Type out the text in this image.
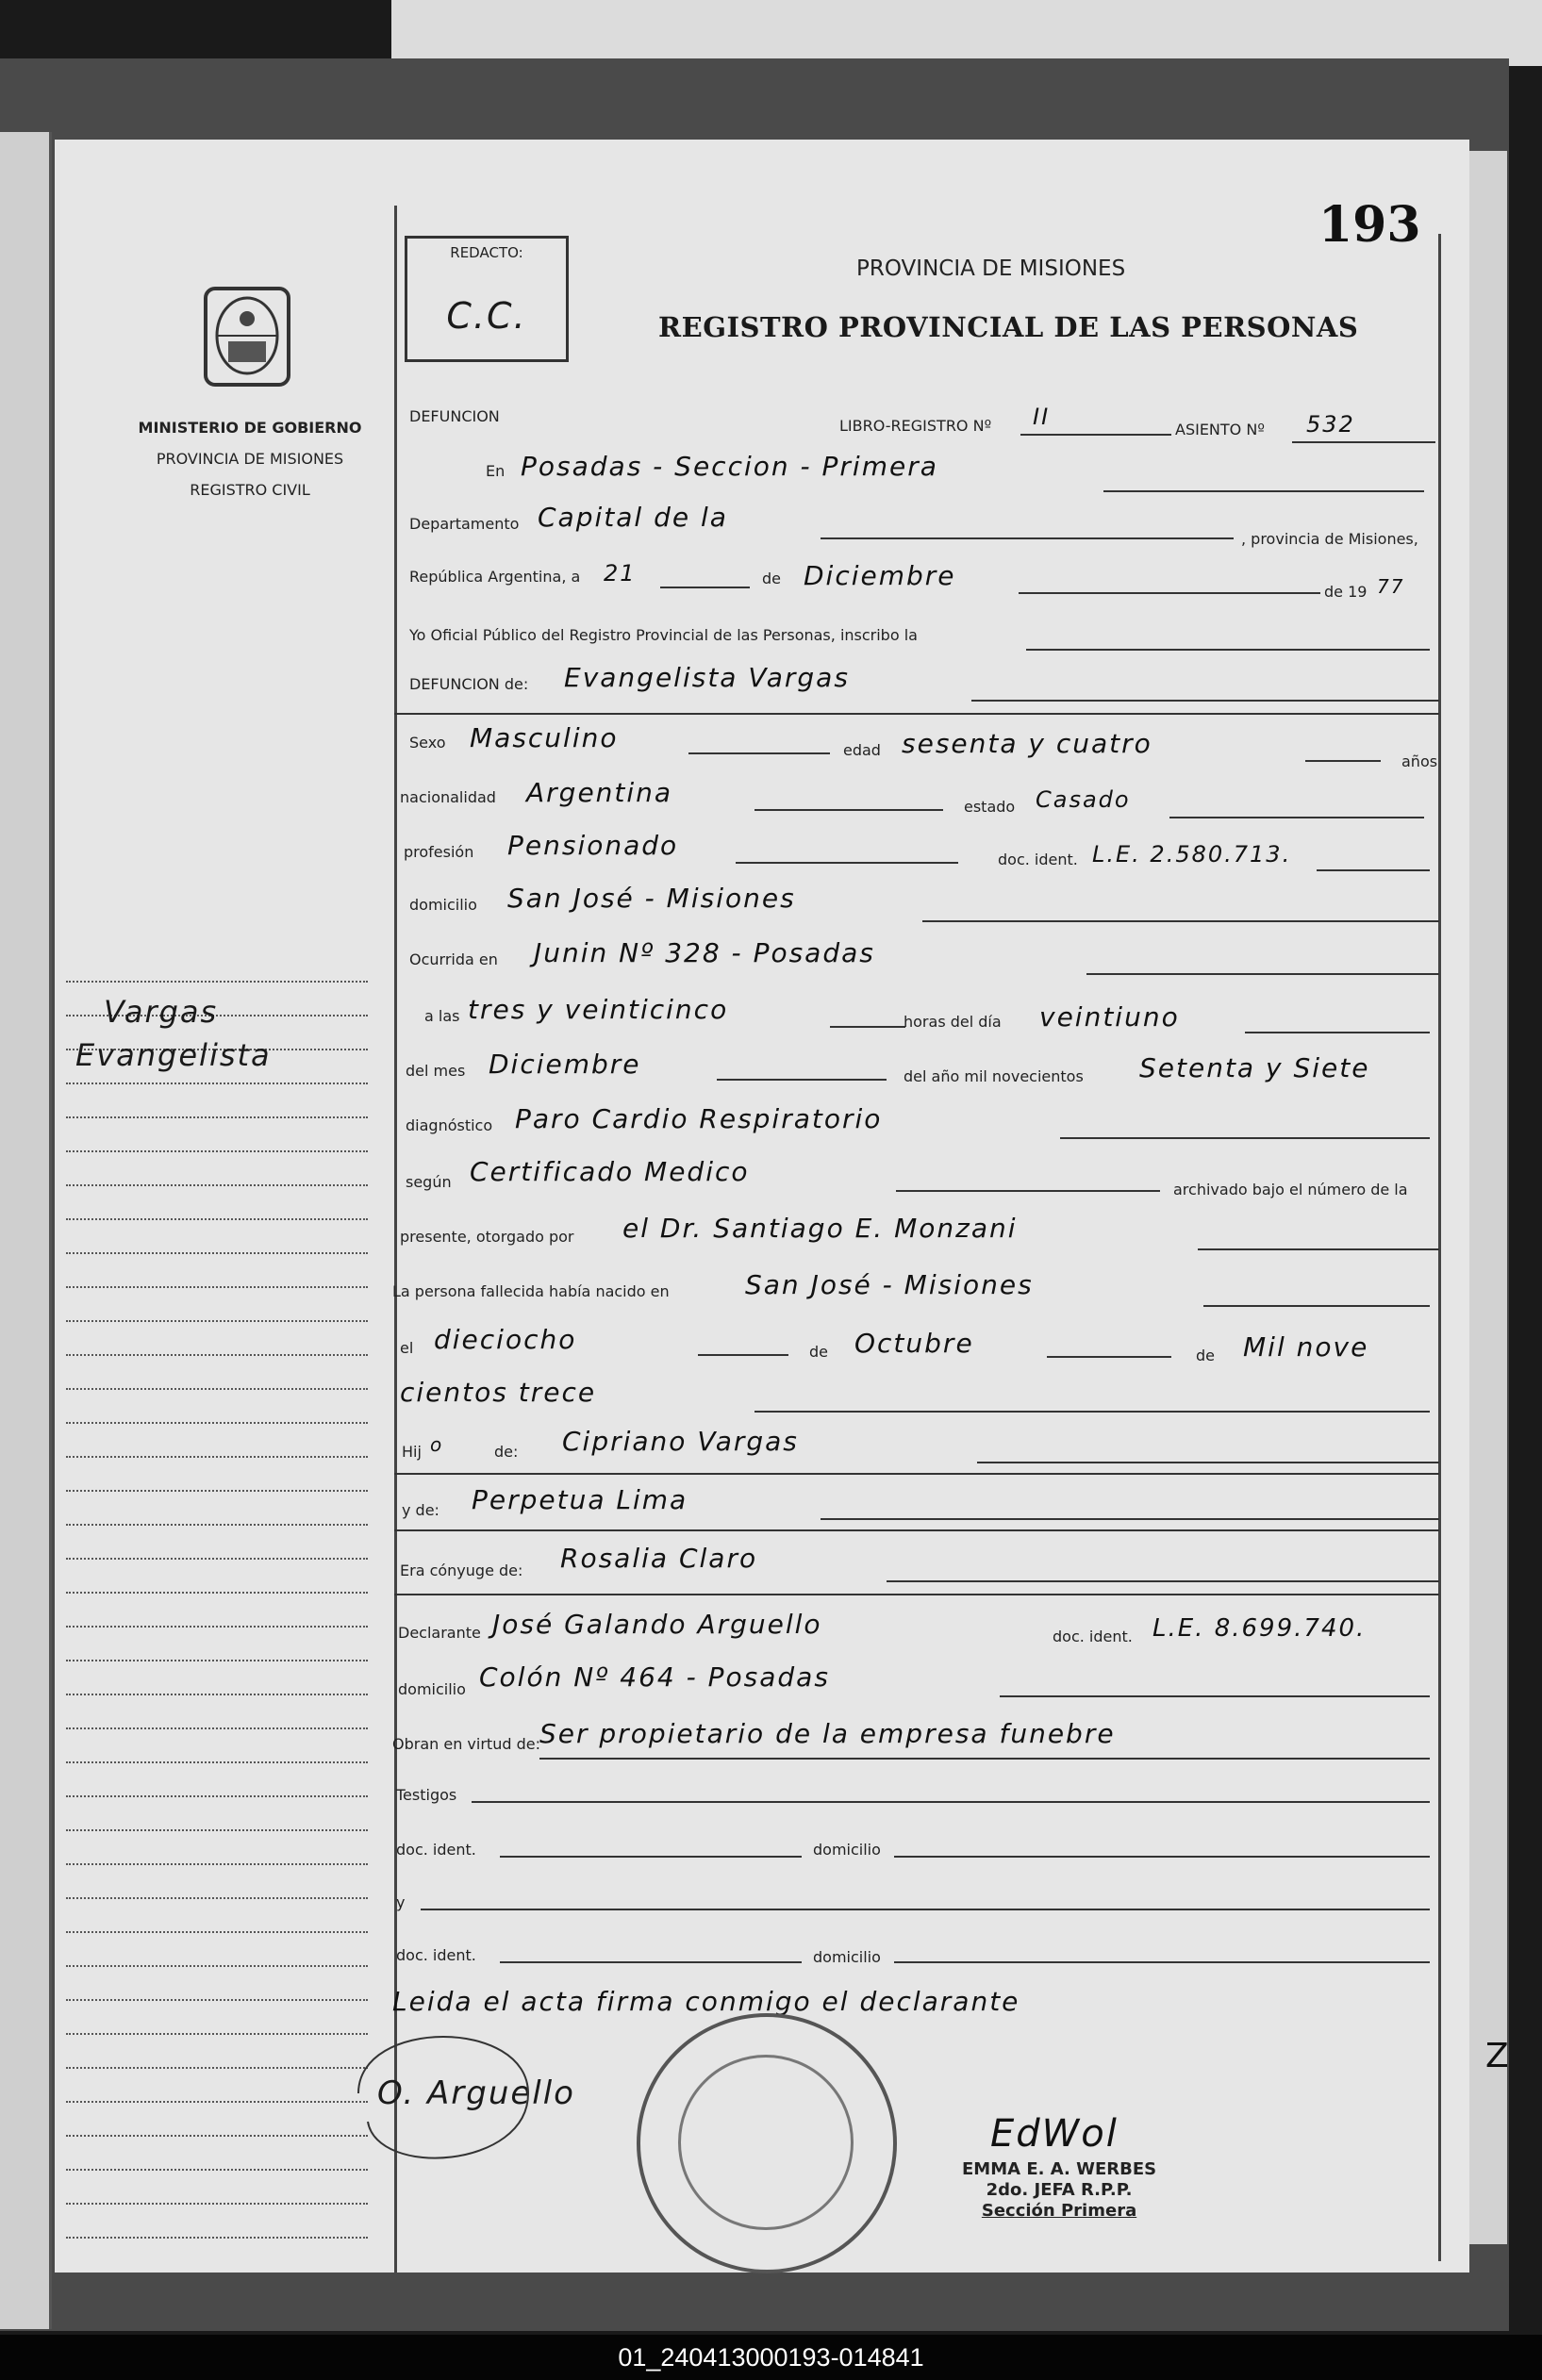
MINISTERIO DE GOBIERNO
PROVINCIA DE MISIONES
REGISTRO CIVIL
REDACTO:
C.C.
193
PROVINCIA DE MISIONES
REGISTRO PROVINCIAL DE LAS PERSONAS
DEFUNCION
LIBRO-REGISTRO Nº II	ASIENTO Nº 532
En Posadas - Seccion - Primera
Departamento Capital de la
, provincia de Misiones,
República Argentina, a 21	de Diciembre
de 19 77
Yo Oficial Público del Registro Provincial de las Personas, inscribo la
DEFUNCION de: Evangelista Vargas
Sexo Masculino	edad sesenta y cuatro
años
nacionalidad Argentina	estado Casado
profesión Pensionado	doc. ident. L.E. 2.580.713.
domicilio San José - Misiones
Ocurrida en Junin Nº 328 - Posadas
a las tres y veinticinco	horas del día veintiuno
del mes Diciembre	del año mil novecientos Setenta y Siete
diagnóstico Paro Cardio Respiratorio
según Certificado Medico
archivado bajo el número de la
presente, otorgado por el Dr. Santiago E. Monzani
La persona fallecida había nacido en	San José - Misiones
el dieciocho	de Octubre	de Mil nove
cientos trece
Hij o	de: Cipriano Vargas
y de: Perpetua Lima
Era cónyuge de: Rosalia Claro
Declarante José Galando Arguello	doc. ident. L.E. 8.699.740.
domicilio Colón Nº 464 - Posadas
Obran en virtud de: Ser propietario de la empresa funebre
Testigos
doc. ident.	domicilio
y
doc. ident.	domicilio
Leida el acta firma conmigo el declarante
Vargas
Evangelista
O. Arguello
EdWol
EMMA E. A. WERBES
2do. JEFA R.P.P.
Sección Primera
Z
01_240413000193-014841
